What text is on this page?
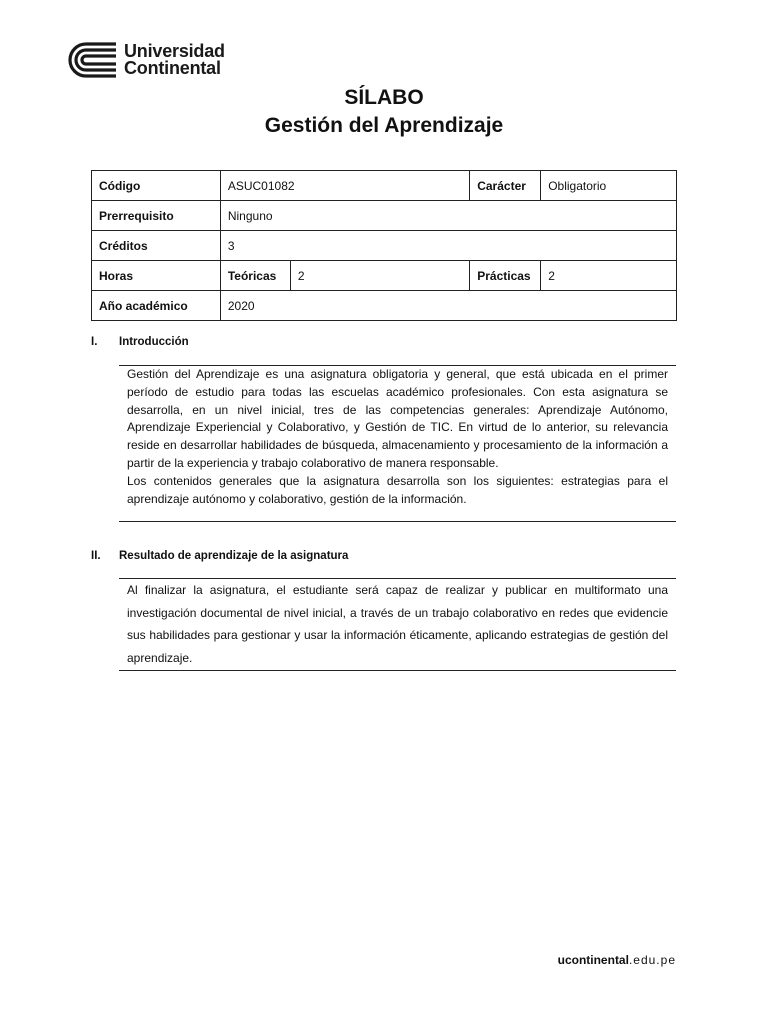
Universidad
Continental
SÍLABO
Gestión del Aprendizaje
Código	ASUC01082		Carácter	Obligatorio
Prerrequisito	Ninguno			
Créditos	3			
Horas	Teóricas	2	Prácticas	2
Año académico	2020			
I. Introducción

Gestión del Aprendizaje es una asignatura obligatoria y general, que está ubicada en el primer período de estudio para todas las escuelas académico profesionales. Con esta asignatura se desarrolla, en un nivel inicial, tres de las competencias generales: Aprendizaje Autónomo, Aprendizaje Experiencial y Colaborativo, y Gestión de TIC. En virtud de lo anterior, su relevancia reside en desarrollar habilidades de búsqueda, almacenamiento y procesamiento de la información a partir de la experiencia y trabajo colaborativo de manera responsable.

Los contenidos generales que la asignatura desarrolla son los siguientes: estrategias para el aprendizaje autónomo y colaborativo, gestión de la información.

II. Resultado de aprendizaje de la asignatura

Al finalizar la asignatura, el estudiante será capaz de realizar y publicar en multiformato una investigación documental de nivel inicial, a través de un trabajo colaborativo en redes que evidencie sus habilidades para gestionar y usar la información éticamente, aplicando estrategias de gestión del aprendizaje.

ucontinental.edu.pe
